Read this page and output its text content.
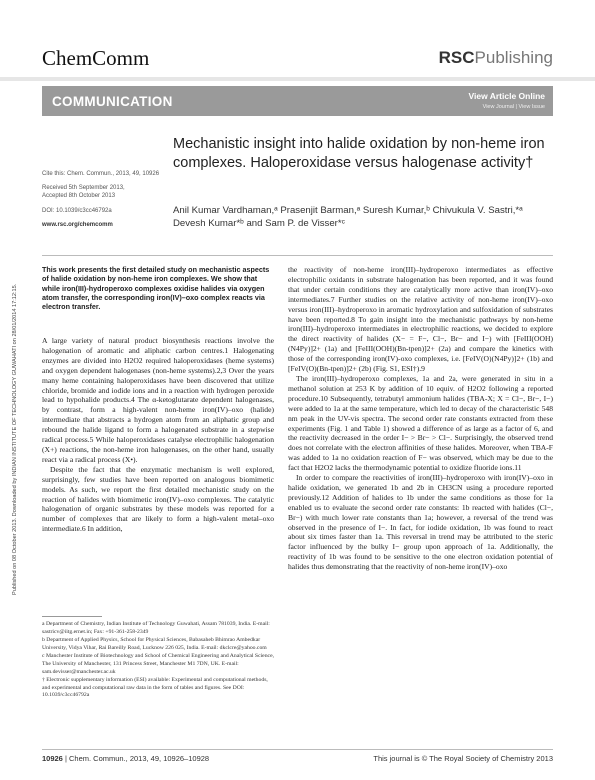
Published on 08 October 2013. Downloaded by INDIAN INSTITUTE OF TECHNOLOGY GUWAHATI on 28/01/2014 17:12:15.
ChemComm	RSCPublishing
COMMUNICATION	View Article Online
View Journal | View Issue
Mechanistic insight into halide oxidation by non-heme iron complexes. Haloperoxidase versus halogenase activity†
Anil Kumar Vardhaman,ᵃ Prasenjit Barman,ᵃ Suresh Kumar,ᵇ Chivukula V. Sastri,*ᵃ
Devesh Kumar*ᵇ and Sam P. de Visser*ᶜ
Cite this: Chem. Commun., 2013, 49, 10926
Received 5th September 2013,
Accepted 8th October 2013
DOI: 10.1039/c3cc46792a
www.rsc.org/chemcomm
This work presents the first detailed study on mechanistic aspects of halide oxidation by non-heme iron complexes. We show that while iron(III)-hydroperoxo complexes oxidise halides via oxygen atom transfer, the corresponding iron(IV)–oxo complex reacts via electron transfer.

A large variety of natural product biosynthesis reactions involve the halogenation of aromatic and aliphatic carbon centres.1 Halogenating enzymes are divided into H2O2 required haloperoxidases (heme systems) and oxygen dependent halogenases (non-heme systems).2,3 Over the years many heme containing haloperoxidases have been discovered that utilize chloride, bromide and iodide ions and in a reaction with hydrogen peroxide lead to hypohalide products.4 The α-ketoglutarate dependent halogenases, by contrast, form a high-valent non-heme iron(IV)–oxo (halide) intermediate that abstracts a hydrogen atom from an aliphatic group and rebound the halide ligand to form a halogenated substrate in a stepwise radical process.5 While haloperoxidases catalyse electrophilic halogenation (X+) reactions, the non-heme iron halogenases, on the other hand, usually react via a radical process (X•).

Despite the fact that the enzymatic mechanism is well explored, surprisingly, few studies have been reported on analogous biomimetic models. As such, we report the first detailed mechanistic study on the reaction of halides with biomimetic iron(IV)–oxo complexes. The catalytic halogenation of organic substrates by these models was reported for a number of complexes that are likely to form a high-valent metal–oxo intermediate.6 In addition,

the reactivity of non-heme iron(III)–hydroperoxo intermediates as effective electrophilic oxidants in substrate halogenation has been reported, and it was found that under certain conditions they are catalytically more active than iron(IV)–oxo intermediates.7 Further studies on the relative activity of non-heme iron(IV)–oxo versus iron(III)–hydroperoxo in aromatic hydroxylation and sulfoxidation of substrates have been reported.8 To gain insight into the mechanistic pathways by non-heme iron(III)–hydroperoxo intermediates in electrophilic reactions, we decided to explore the direct reactivity of halides (X− = F−, Cl−, Br− and I−) with [FeIII(OOH)(N4Py)]2+ (1a) and [FeIII(OOH)(Bn-tpen)]2+ (2a) and compare the kinetics with those of the corresponding iron(IV)-oxo complexes, i.e. [FeIV(O)(N4Py)]2+ (1b) and [FeIV(O)(Bn-tpen)]2+ (2b) (Fig. S1, ESI†).9

The iron(III)–hydroperoxo complexes, 1a and 2a, were generated in situ in a methanol solution at 253 K by addition of 10 equiv. of H2O2 following a reported procedure.10 Subsequently, tetrabutyl ammonium halides (TBA-X; X = Cl−, Br−, I−) were added to 1a at the same temperature, which led to decay of the characteristic 548 nm peak in the UV-vis spectra. The second order rate constants extracted from these experiments (Fig. 1 and Table 1) showed a difference of as large as a factor of 6, and the reactivity decreased in the order I− > Br− > Cl−. Surprisingly, the observed trend does not correlate with the electron affinities of these halides. Moreover, when TBA-F was added to 1a no oxidation reaction of F− was observed, which may be due to the fact that H2O2 lacks the thermodynamic potential to oxidize fluoride ions.11

In order to compare the reactivities of iron(III)–hydroperoxo with iron(IV)–oxo in halide oxidation, we generated 1b and 2b in CH3CN using a procedure reported previously.12 Addition of halides to 1b under the same conditions as those for 1a enabled us to evaluate the second order rate constants: 1b reacted with halides (Cl−, Br−) with much lower rate constants than 1a; however, a reversal of the trend was observed in the presence of I−. In fact, for iodide oxidation, 1b was found to react about six times faster than 1a. This reversal in trend may be attributed to the steric factor influenced by the bulky I− group upon approach of 1a. Additionally, the reactivity of 1b was found to be sensitive to the one electron oxidation potential of halides thus demonstrating that the reactivity of non-heme iron(IV)–oxo

a Department of Chemistry, Indian Institute of Technology Guwahati, Assam 781039, India. E-mail: sastricv@iitg.ernet.in; Fax: +91-361-258-2349
b Department of Applied Physics, School for Physical Sciences, Babasaheb Bhimrao Ambedkar University, Vidya Vihar, Rai Bareilly Road, Lucknow 226 025, India. E-mail: dkclcre@yahoo.com
c Manchester Institute of Biotechnology and School of Chemical Engineering and Analytical Science, The University of Manchester, 131 Princess Street, Manchester M1 7DN, UK. E-mail: sam.devisser@manchester.ac.uk
† Electronic supplementary information (ESI) available: Experimental and computational methods, and experimental and computational raw data in the form of tables and figures. See DOI: 10.1039/c3cc46792a
10926 | Chem. Commun., 2013, 49, 10926–10928	This journal is © The Royal Society of Chemistry 2013
